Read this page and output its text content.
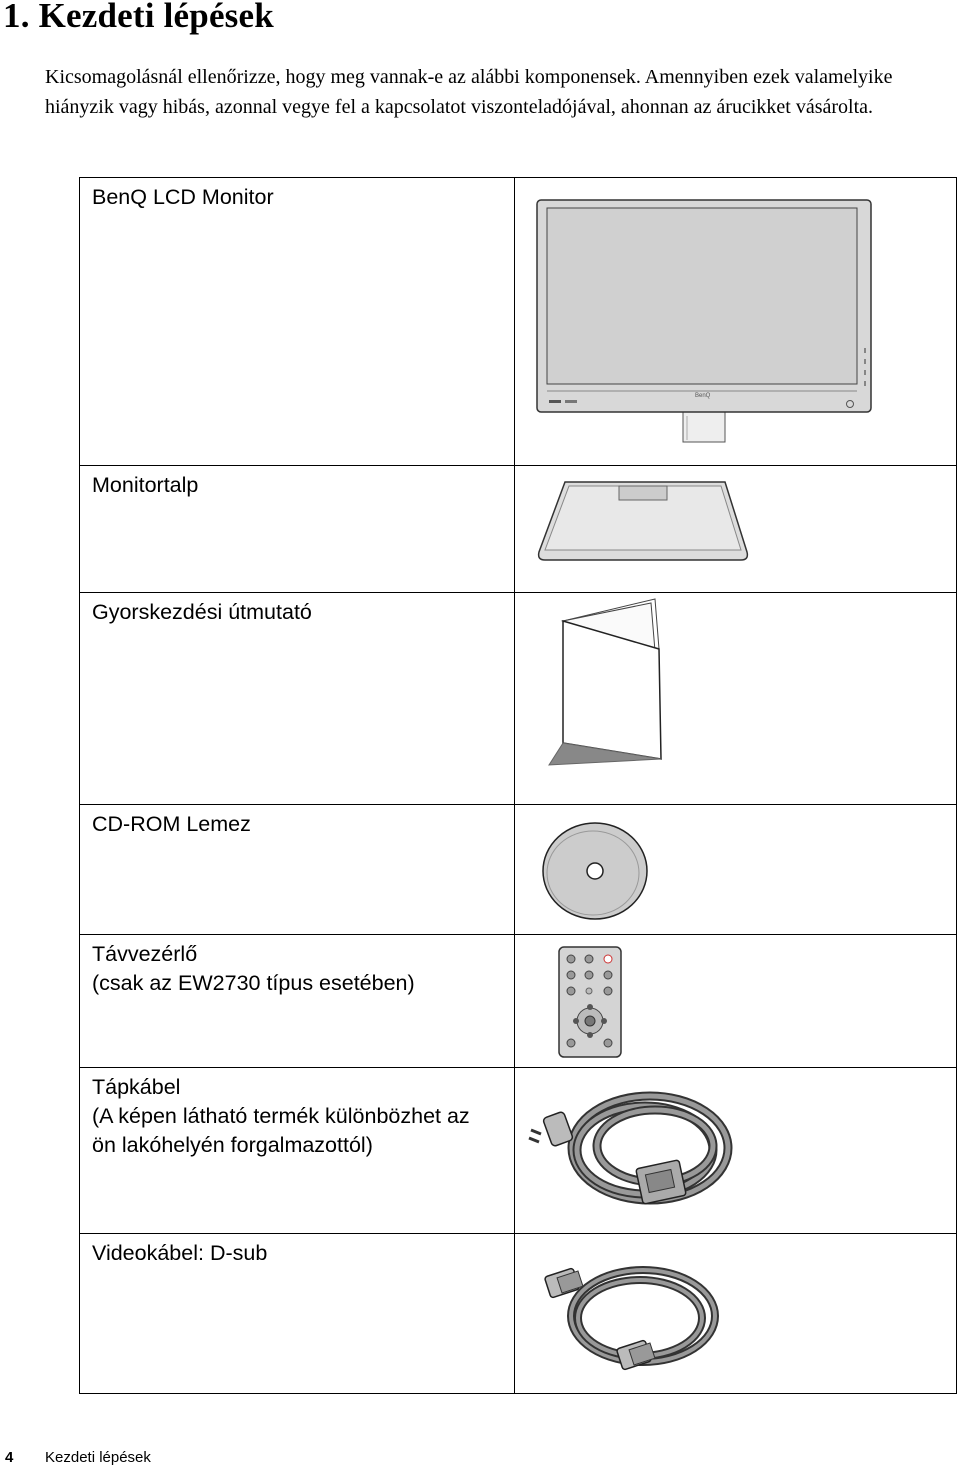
1. Kezdeti lépések
Kicsomagolásnál ellenőrizze, hogy meg vannak-e az alábbi komponensek. Amennyiben ezek valamelyike hiányzik vagy hibás, azonnal vegye fel a kapcsolatot viszonteladójával, ahonnan az árucikket vásárolta.
BenQ LCD Monitor	BenQ

Monitortalp

Gyorskezdési útmutató

CD-ROM Lemez

Távvezérlő
(csak az EW2730 típus esetében)

Tápkábel
(A képen látható termék különbözhet az
ön lakóhelyén forgalmazottól)

Videokábel: D-sub

4 Kezdeti lépések
